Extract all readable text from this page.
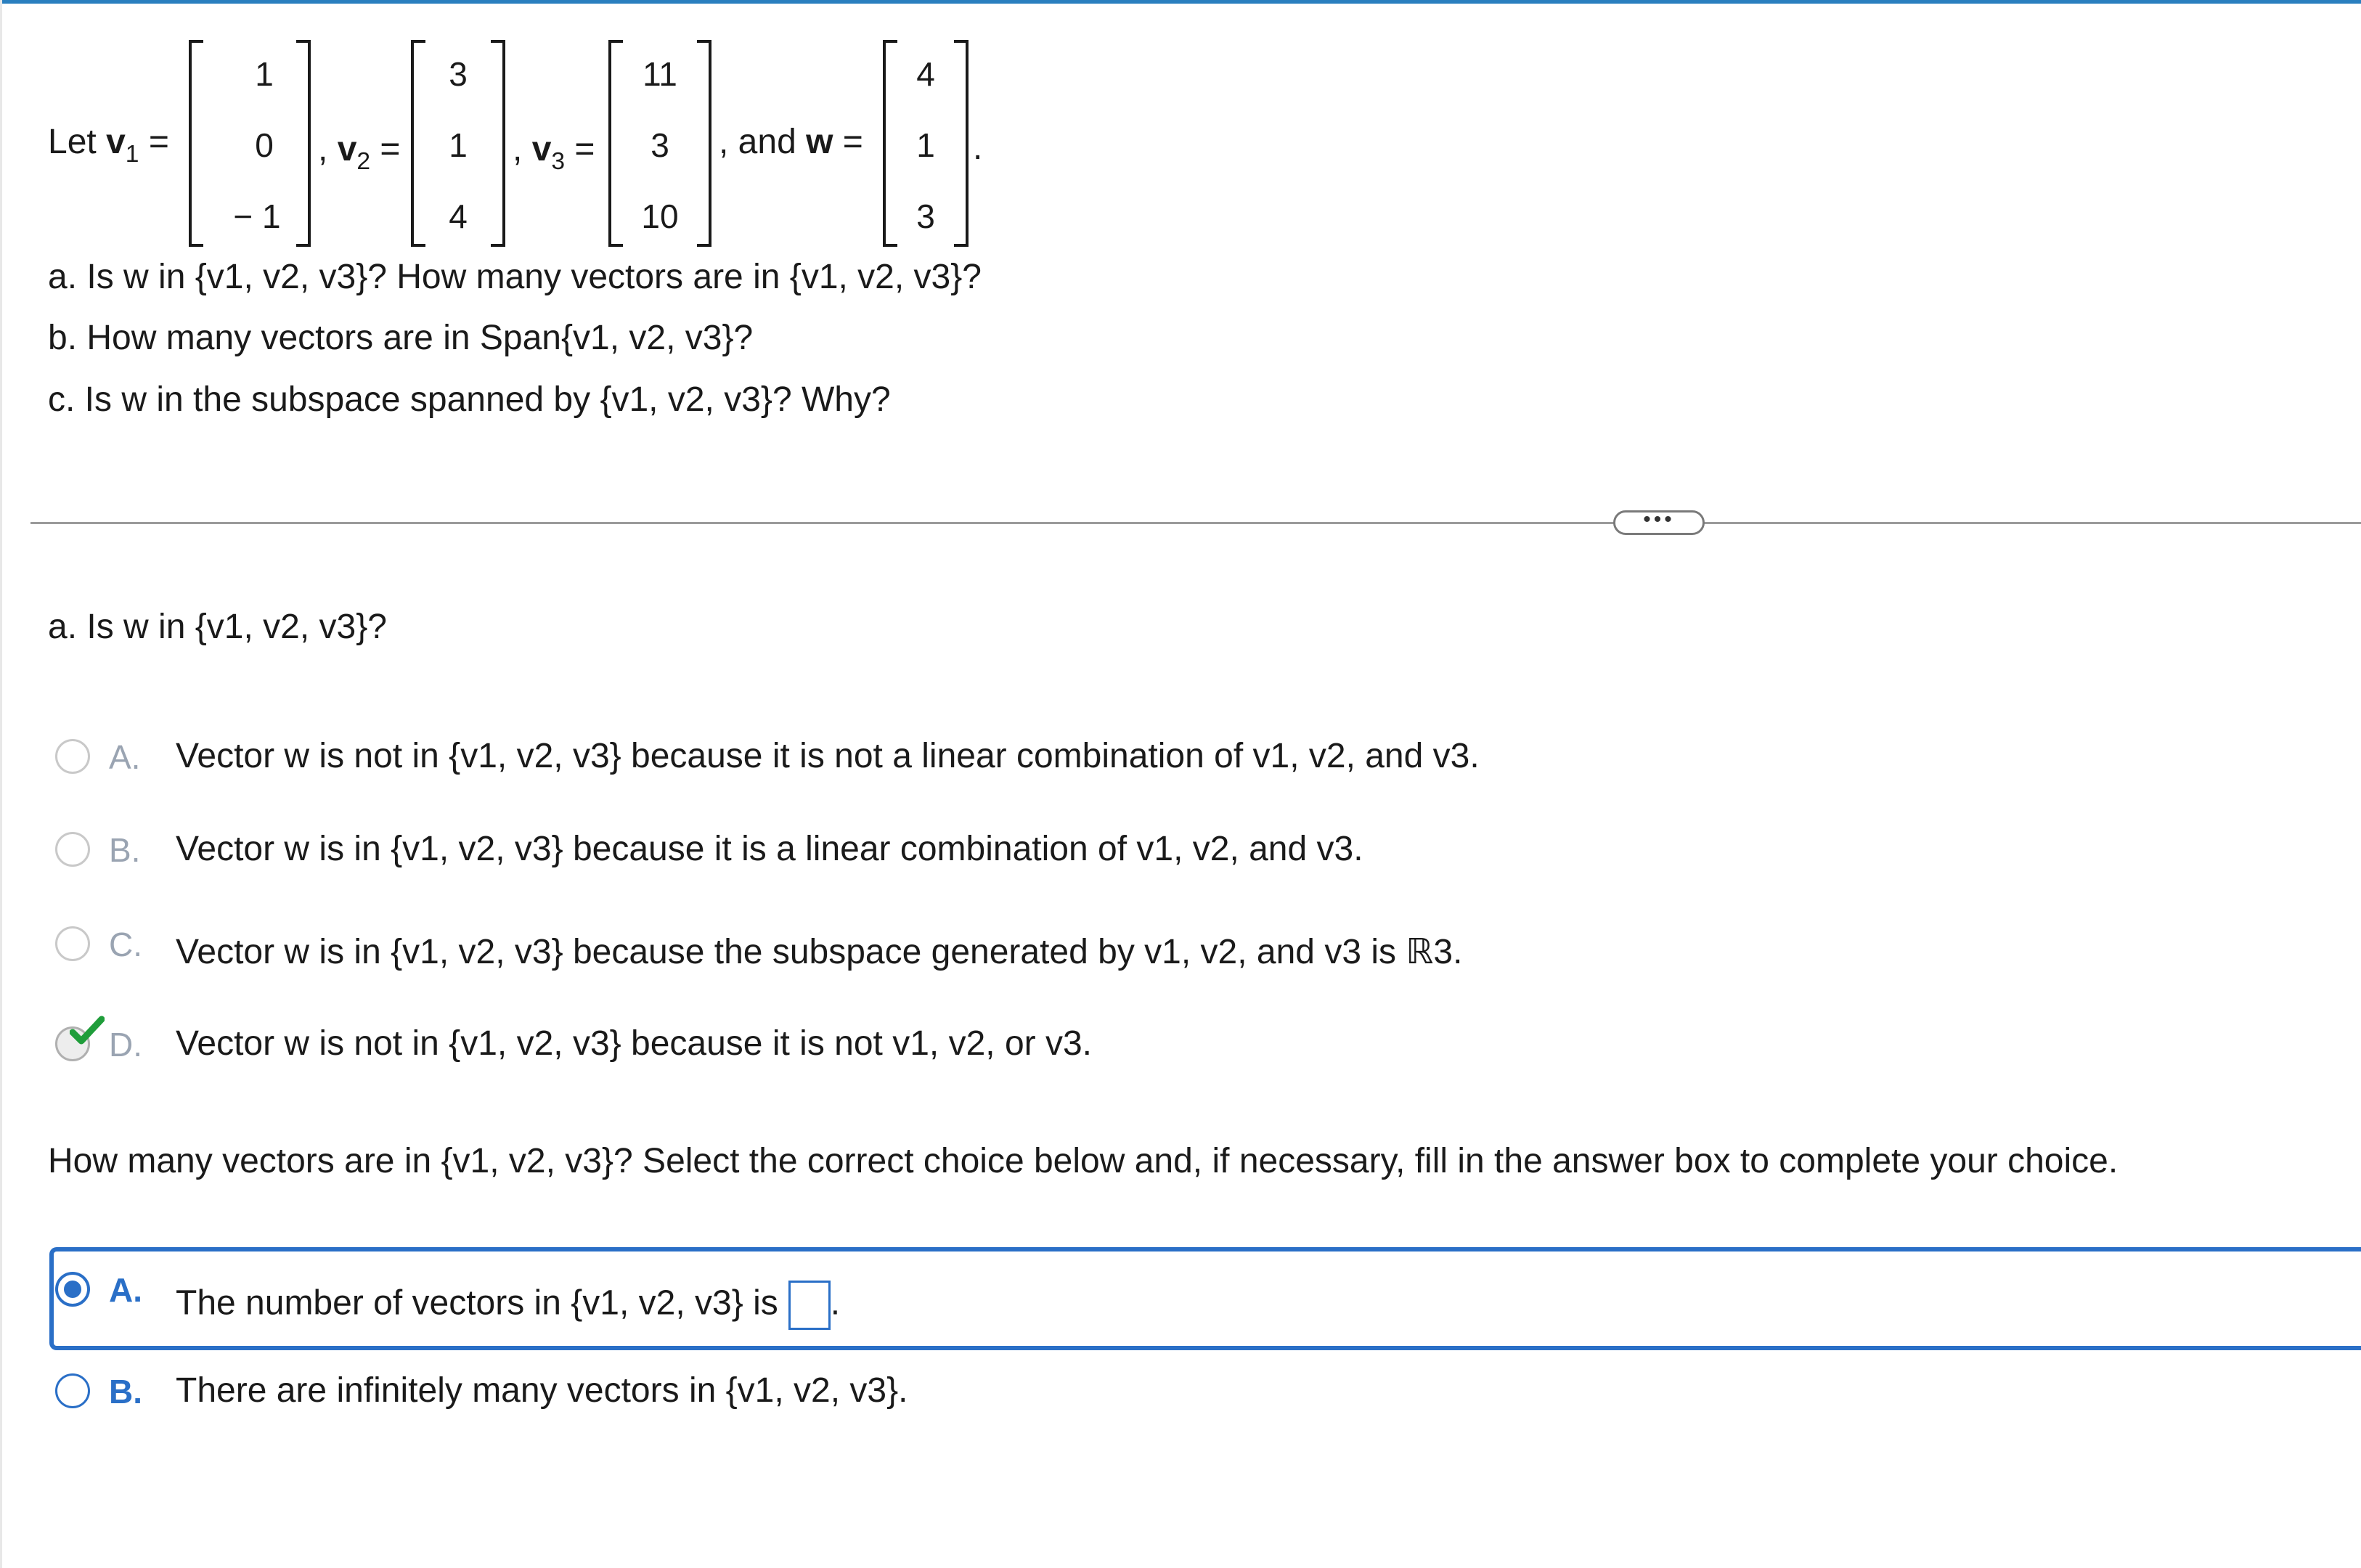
Let $v_1$ =
1
0
− 1
, $v_2$ =
3
1
4
, $v_3$ =
11
3
10
, and w =
4
1
3
.
a. Is w in {v1, v2, v3}? How many vectors are in {v1, v2, v3}?
b. How many vectors are in Span{v1, v2, v3}?
c. Is w in the subspace spanned by {v1, v2, v3}? Why?
•••
a. Is w in {v1, v2, v3}?
A. Vector w is not in {v1, v2, v3} because it is not a linear combination of v1, v2, and v3.
B. Vector w is in {v1, v2, v3} because it is a linear combination of v1, v2, and v3.
C. Vector w is in {v1, v2, v3} because the subspace generated by v1, v2, and v3 is ℝ3.
D. Vector w is not in {v1, v2, v3} because it is not v1, v2, or v3.
How many vectors are in {v1, v2, v3}? Select the correct choice below and, if necessary, fill in the answer box to complete your choice.
A. The number of vectors in {v1, v2, v3} is .
B. There are infinitely many vectors in {v1, v2, v3}.
